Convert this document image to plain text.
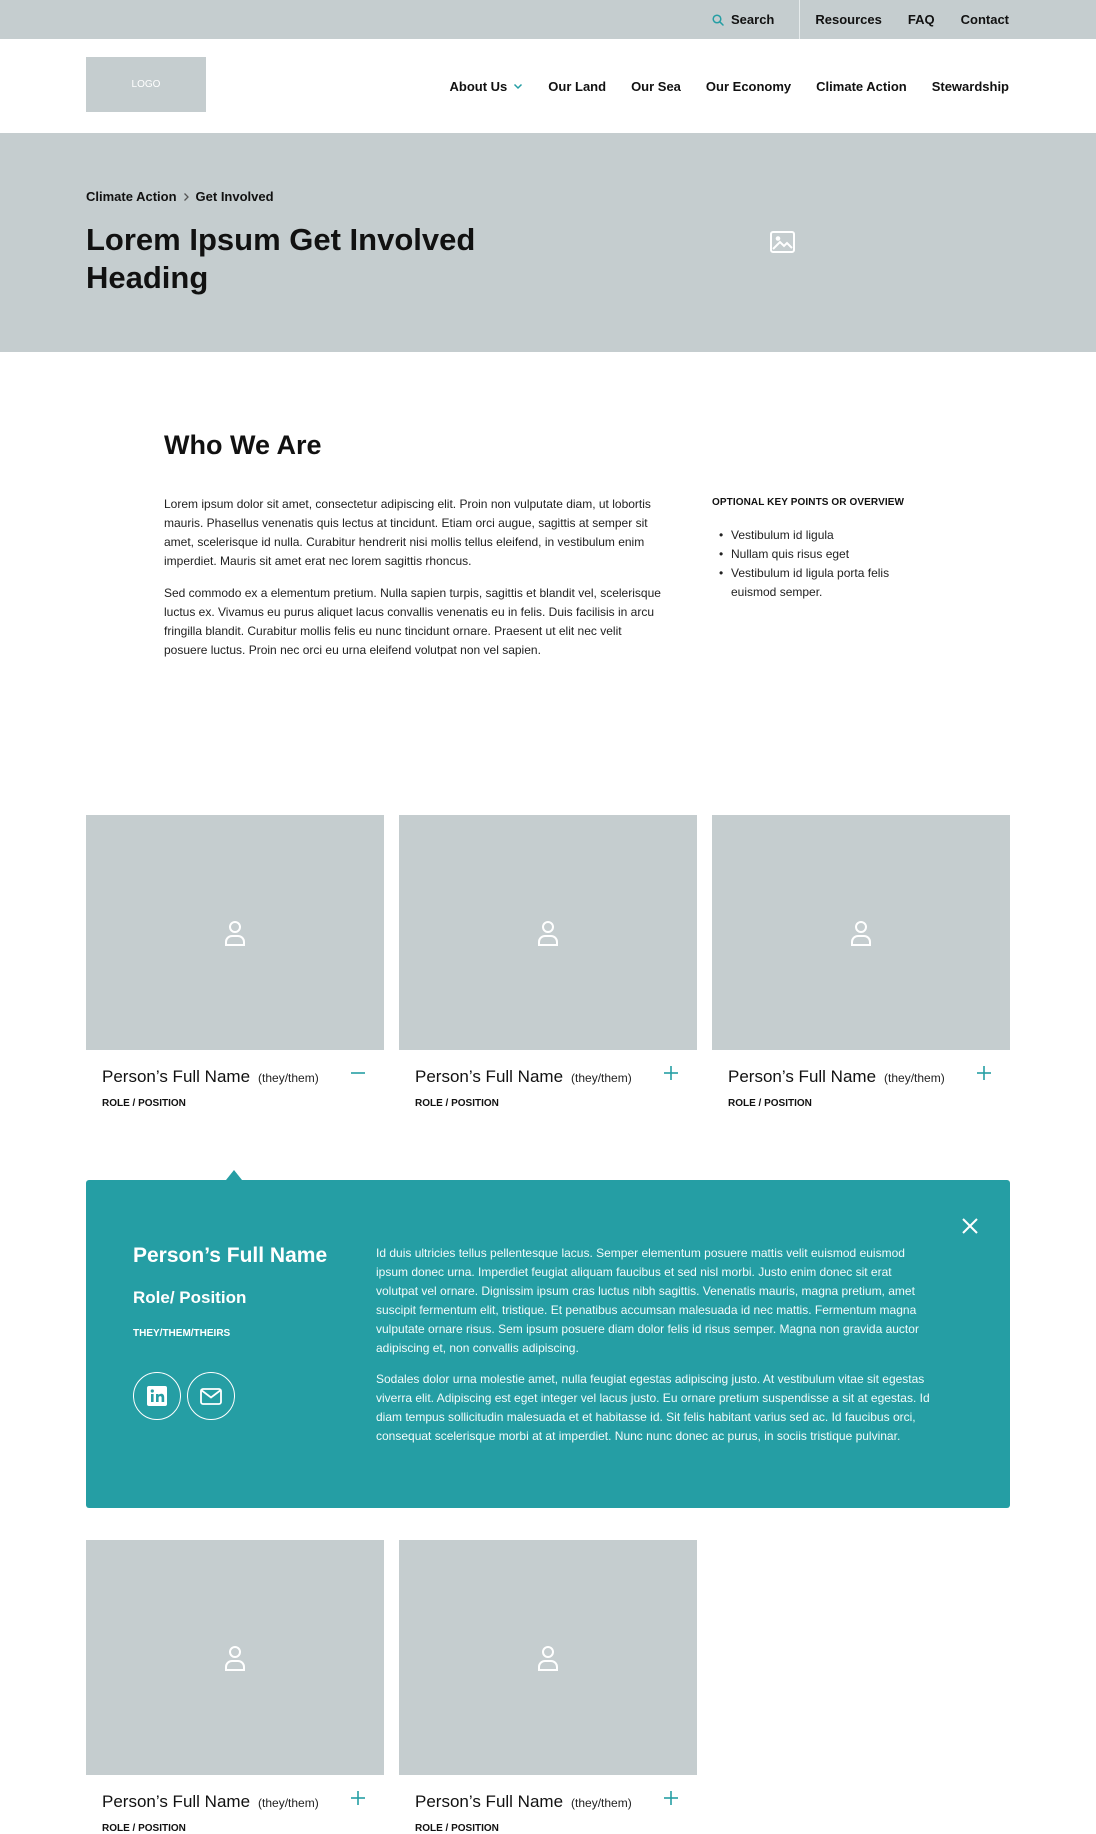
Search	Resources FAQ Contact
LOGO	About Us	Our Land Our Sea Our Economy Climate Action Stewardship
Climate Action Get Involved
Lorem Ipsum Get Involved Heading
Who We Are

Lorem ipsum dolor sit amet, consectetur adipiscing elit. Proin non vulputate diam, ut lobortis mauris. Phasellus venenatis quis lectus at tincidunt. Etiam orci augue, sagittis at semper sit amet, scelerisque id nulla. Curabitur hendrerit nisi mollis tellus eleifend, in vestibulum enim imperdiet. Mauris sit amet erat nec lorem sagittis rhoncus.

Sed commodo ex a elementum pretium. Nulla sapien turpis, sagittis et blandit vel, scelerisque luctus ex. Vivamus eu purus aliquet lacus convallis venenatis eu in felis. Duis facilisis in arcu fringilla blandit. Curabitur mollis felis eu nunc tincidunt ornare. Praesent ut elit nec velit posuere luctus. Proin nec orci eu urna eleifend volutpat non vel sapien.

OPTIONAL KEY POINTS OR OVERVIEW
• Vestibulum id ligula
• Nullam quis risus eget
• Vestibulum id ligula porta felis euismod semper.
Person’s Full Name (they/them)
ROLE / POSITION
Person’s Full Name (they/them)
ROLE / POSITION
Person’s Full Name (they/them)
ROLE / POSITION
Person’s Full Name
Role/ Position
THEY/THEM/THEIRS

Id duis ultricies tellus pellentesque lacus. Semper elementum posuere mattis velit euismod euismod ipsum donec urna. Imperdiet feugiat aliquam faucibus et sed nisl morbi. Justo enim donec sit erat volutpat vel ornare. Dignissim ipsum cras luctus nibh sagittis. Venenatis mauris, magna pretium, amet suscipit fermentum elit, tristique. Et penatibus accumsan malesuada id nec mattis. Fermentum magna vulputate ornare risus. Sem ipsum posuere diam dolor felis id risus semper. Magna non gravida auctor adipiscing et, non convallis adipiscing.

Sodales dolor urna molestie amet, nulla feugiat egestas adipiscing justo. At vestibulum vitae sit egestas viverra elit. Adipiscing est eget integer vel lacus justo. Eu ornare pretium suspendisse a sit at egestas. Id diam tempus sollicitudin malesuada et et habitasse id. Sit felis habitant varius sed ac. Id faucibus orci, consequat scelerisque morbi at at imperdiet. Nunc nunc donec ac purus, in sociis tristique pulvinar.

Person’s Full Name (they/them)
ROLE / POSITION
Person’s Full Name (they/them)
ROLE / POSITION
